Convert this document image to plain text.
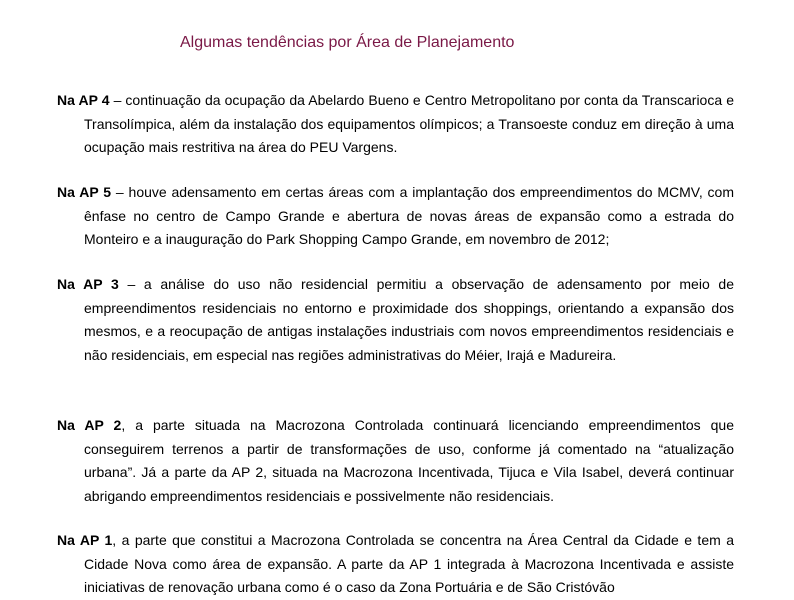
Algumas tendências por Área de Planejamento

Na AP 4 – continuação da ocupação da Abelardo Bueno e Centro Metropolitano por conta da Transcarioca e Transolímpica, além da instalação dos equipamentos olímpicos; a Transoeste conduz em direção à uma ocupação mais restritiva na área do PEU Vargens.

Na AP 5 – houve adensamento em certas áreas com a implantação dos empreendimentos do MCMV, com ênfase no centro de Campo Grande e abertura de novas áreas de expansão como a estrada do Monteiro e a inauguração do Park Shopping Campo Grande, em novembro de 2012;

Na AP 3 – a análise do uso não residencial permitiu a observação de adensamento por meio de empreendimentos residenciais no entorno e proximidade dos shoppings, orientando a expansão dos mesmos, e a reocupação de antigas instalações industriais com novos empreendimentos residenciais e não residenciais, em especial nas regiões administrativas do Méier, Irajá e Madureira.

Na AP 2, a parte situada na Macrozona Controlada continuará licenciando empreendimentos que conseguirem terrenos a partir de transformações de uso, conforme já comentado na “atualização urbana”. Já a parte da AP 2, situada na Macrozona Incentivada, Tijuca e Vila Isabel, deverá continuar abrigando empreendimentos residenciais e possivelmente não residenciais.

Na AP 1, a parte que constitui a Macrozona Controlada se concentra na Área Central da Cidade e tem a Cidade Nova como área de expansão. A parte da AP 1 integrada à Macrozona Incentivada e assiste iniciativas de renovação urbana como é o caso da Zona Portuária e de São Cristóvão
